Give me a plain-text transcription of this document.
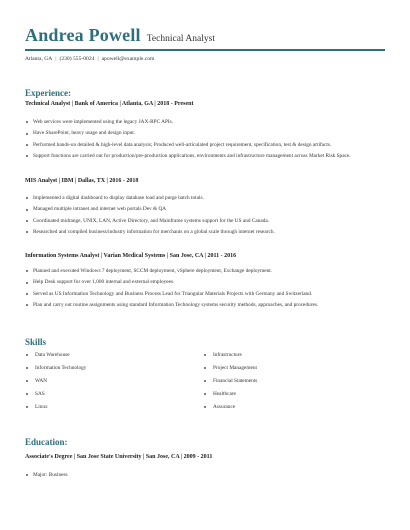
Andrea Powell Technical Analyst
Atlanta, GA | (230) 555-0024 | apowell@example.com
Experience:
Technical Analyst | Bank of America | Atlanta, GA | 2018 - Present
Web services were implemented using the legacy JAX-RPC APIs.
Have SharePoint, heavy usage and design input.
Performed hands-on detailed & high-level data analysis; Produced well-articulated project requirement, specification, test & design artifacts.
Support functions are carried out for production/pre-production applications, environments and infrastructure management across Market Risk Space.
MIS Analyst | IBM | Dallas, TX | 2016 - 2018
Implemented a digital dashboard to display database load and purge batch totals.
Managed multiple intranet and internet web portals Dev & QA
Coordinated midrange, UNIX, LAN, Active Directory, and Mainframe systems support for the US and Canada.
Researched and compiled business/industry information for merchants on a global scale through internet research.
Information Systems Analyst | Varian Medical Systems | San Jose, CA | 2011 - 2016
Planned and executed Windows 7 deployment, SCCM deployment, vSphere deployment, Exchange deployment.
Help Desk support for over 1,000 internal and external employees.
Served as US Information Technology and Business Process Lead for Triangular Materials Projects with Germany and Switzerland.
Plan and carry out routine assignments using standard Information Technology systems security methods, approaches, and procedures.
Skills
Data Warehouse
Information Technology
WAN
SAS
Linux
Infrastructure
Project Management
Financial Statements
Healthcare
Assurance
Education:
Associate's Degree | San Jose State University | San Jose, CA | 2009 - 2011
Major: Business
